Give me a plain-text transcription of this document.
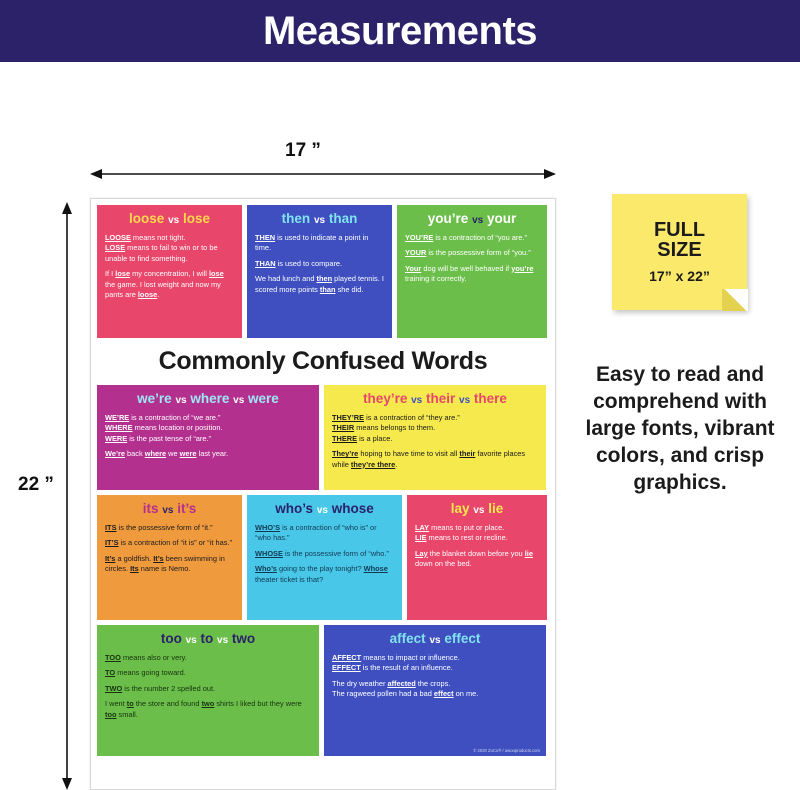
Measurements
17 ”
22 ”
loose vs lose

LOOSE means not tight.
LOSE means to fail to win or to be unable to find something.

If I lose my concentration, I will lose the game. I lost weight and now my pants are loose.

then vs than

THEN is used to indicate a point in time.

THAN is used to compare.

We had lunch and then played tennis. I scored more points than she did.

you’re vs your

YOU’RE is a contraction of “you are.”

YOUR is the possessive form of “you.”

Your dog will be well behaved if you’re training it correctly.

Commonly Confused Words
we’re vs where vs were

WE’RE is a contraction of “we are.”
WHERE means location or position.
WERE is the past tense of “are.”

We’re back where we were last year.

they’re vs their vs there

THEY’RE is a contraction of “they are.”
THEIR means belongs to them.
THERE is a place.

They’re hoping to have time to visit all their favorite places while they’re there.

its vs it’s

ITS is the possessive form of “it.”

IT’S is a contraction of “it is” or “it has.”

It’s a goldfish. It’s been swimming in circles. Its name is Nemo.

who’s vs whose

WHO’S is a contraction of “who is” or “who has.”

WHOSE is the possessive form of “who.”

Who’s going to the play tonight? Whose theater ticket is that?

lay vs lie

LAY means to put or place.
LIE means to rest or recline.

Lay the blanket down before you lie down on the bed.

too vs to vs two

TOO means also or very.

TO means going toward.

TWO is the number 2 spelled out.

I went to the store and found two shirts I liked but they were too small.

affect vs effect

AFFECT means to impact or influence.
EFFECT is the result of an influence.

The dry weather affected the crops.
The ragweed pollen had a bad effect on me.

© 2020 ZuCo® / awooproducts.com
FULL
SIZE
17” x 22”
Easy to read and comprehend with large fonts, vibrant colors, and crisp graphics.
